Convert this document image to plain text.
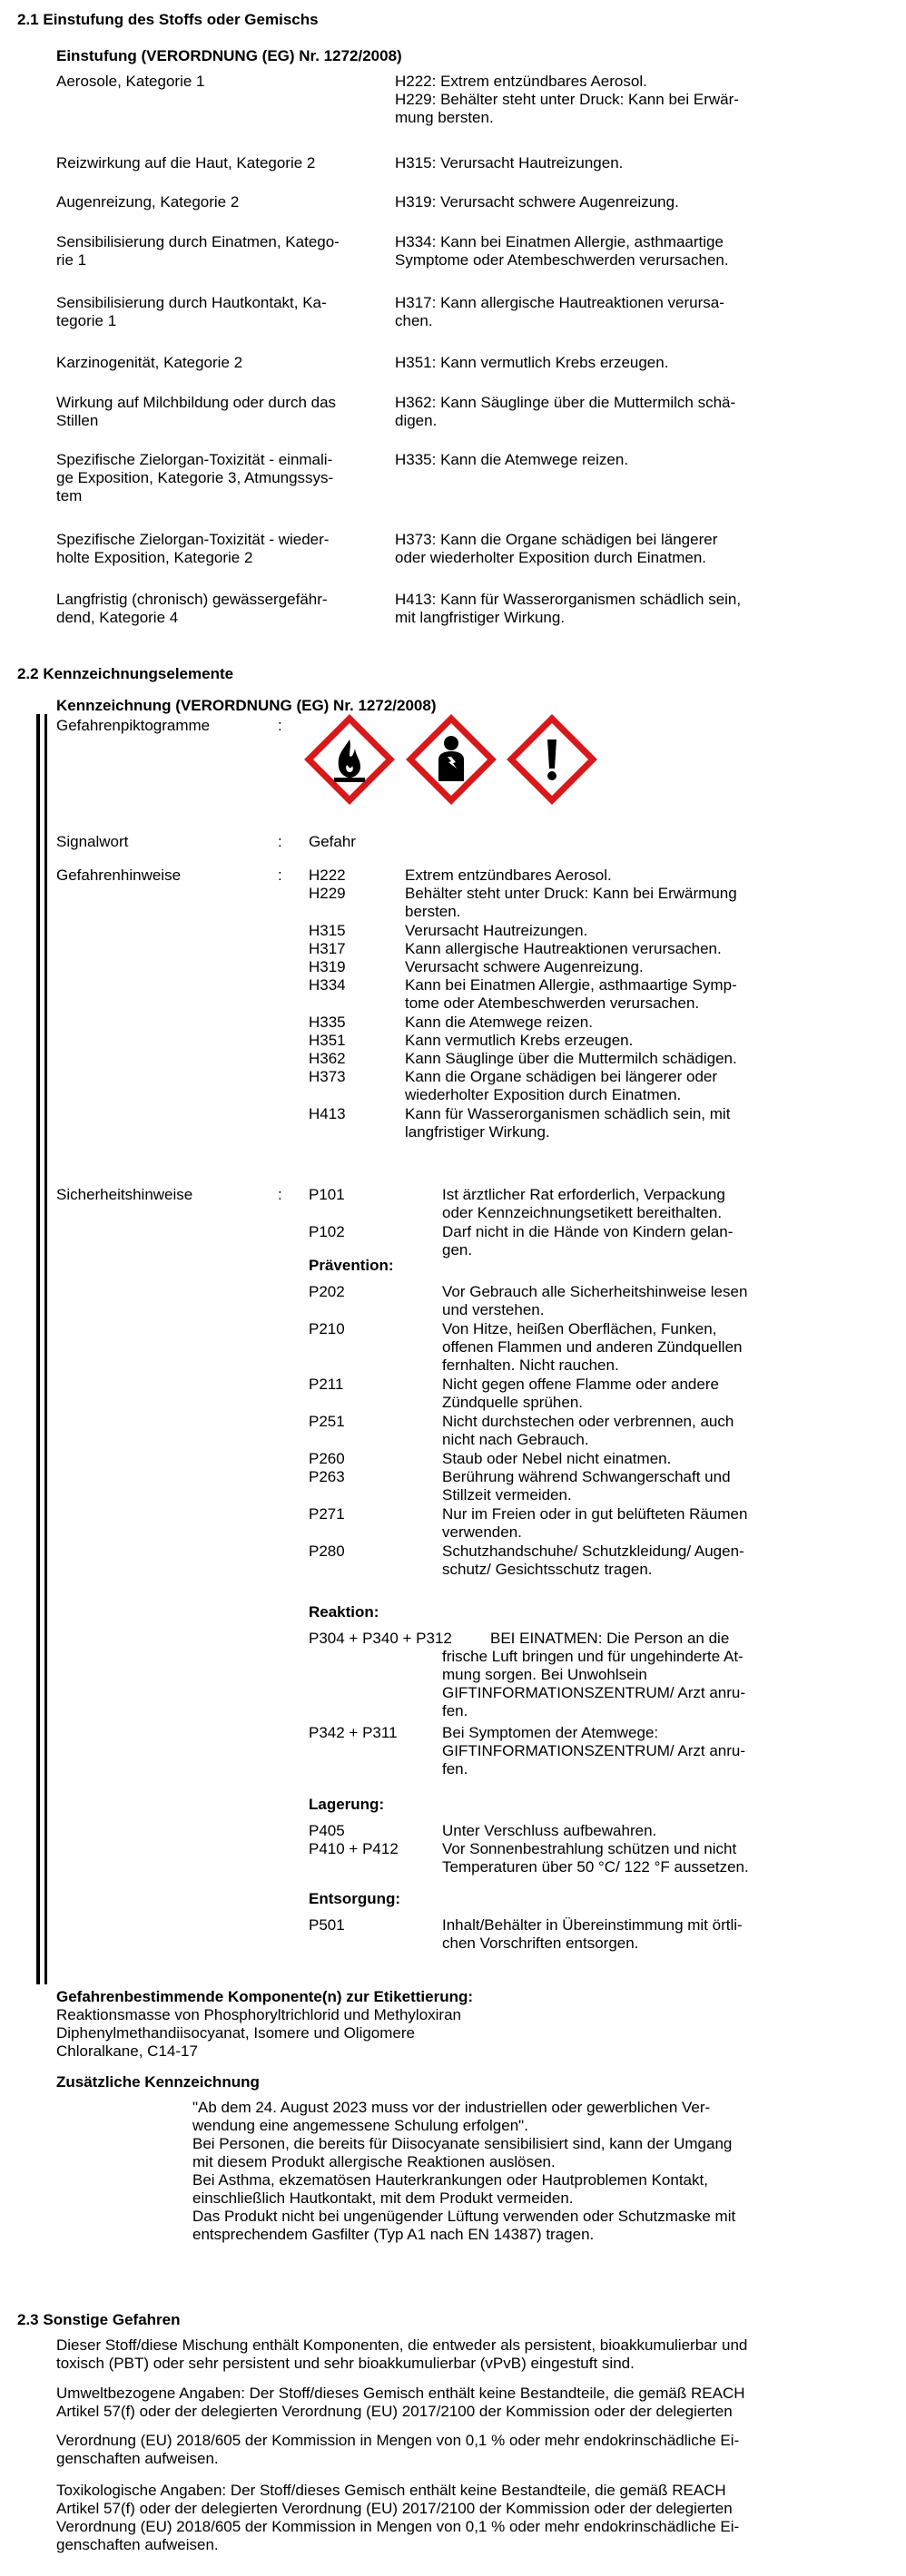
2.1 Einstufung des Stoffs oder Gemischs
Einstufung (VERORDNUNG (EG) Nr. 1272/2008)
Aerosole, Kategorie 1	H222: Extrem entzündbares Aerosol.
H229: Behälter steht unter Druck: Kann bei Erwär-
mung bersten.
Reizwirkung auf die Haut, Kategorie 2	H315: Verursacht Hautreizungen.
Augenreizung, Kategorie 2	H319: Verursacht schwere Augenreizung.
Sensibilisierung durch Einatmen, Katego-
rie 1
H334: Kann bei Einatmen Allergie, asthmaartige
Symptome oder Atembeschwerden verursachen.
Sensibilisierung durch Hautkontakt, Ka-
tegorie 1
H317: Kann allergische Hautreaktionen verursa-
chen.
Karzinogenität, Kategorie 2	H351: Kann vermutlich Krebs erzeugen.
Wirkung auf Milchbildung oder durch das
Stillen
H362: Kann Säuglinge über die Muttermilch schä-
digen.
Spezifische Zielorgan-Toxizität - einmali-
ge Exposition, Kategorie 3, Atmungssys-
tem
H335: Kann die Atemwege reizen.
Spezifische Zielorgan-Toxizität - wieder-
holte Exposition, Kategorie 2
H373: Kann die Organe schädigen bei längerer
oder wiederholter Exposition durch Einatmen.
Langfristig (chronisch) gewässergefähr-
dend, Kategorie 4
H413: Kann für Wasserorganismen schädlich sein,
mit langfristiger Wirkung.
2.2 Kennzeichnungselemente
Kennzeichnung (VERORDNUNG (EG) Nr. 1272/2008)
Gefahrenpiktogramme	:
Signalwort	: Gefahr
Gefahrenhinweise	: H222	Extrem entzündbares Aerosol.
H229	Behälter steht unter Druck: Kann bei Erwärmung
bersten.
H315	Verursacht Hautreizungen.
H317	Kann allergische Hautreaktionen verursachen.
H319	Verursacht schwere Augenreizung.
H334	Kann bei Einatmen Allergie, asthmaartige Symp-
tome oder Atembeschwerden verursachen.
H335	Kann die Atemwege reizen.
H351	Kann vermutlich Krebs erzeugen.
H362	Kann Säuglinge über die Muttermilch schädigen.
H373	Kann die Organe schädigen bei längerer oder
wiederholter Exposition durch Einatmen.
H413	Kann für Wasserorganismen schädlich sein, mit
langfristiger Wirkung.
Sicherheitshinweise	: P101	Ist ärztlicher Rat erforderlich, Verpackung
oder Kennzeichnungsetikett bereithalten.
P102	Darf nicht in die Hände von Kindern gelan-
gen.
Prävention:
P202	Vor Gebrauch alle Sicherheitshinweise lesen
und verstehen.
P210	Von Hitze, heißen Oberflächen, Funken,
offenen Flammen und anderen Zündquellen
fernhalten. Nicht rauchen.
P211	Nicht gegen offene Flamme oder andere
Zündquelle sprühen.
P251	Nicht durchstechen oder verbrennen, auch
nicht nach Gebrauch.
P260	Staub oder Nebel nicht einatmen.
P263	Berührung während Schwangerschaft und
Stillzeit vermeiden.
P271	Nur im Freien oder in gut belüfteten Räumen
verwenden.
P280	Schutzhandschuhe/ Schutzkleidung/ Augen-
schutz/ Gesichtsschutz tragen.
Reaktion:
P304 + P340 + P312 BEI EINATMEN: Die Person an die
frische Luft bringen und für ungehinderte At-
mung sorgen. Bei Unwohlsein
GIFTINFORMATIONSZENTRUM/ Arzt anru-
fen.
P342 + P311	Bei Symptomen der Atemwege:
GIFTINFORMATIONSZENTRUM/ Arzt anru-
fen.
Lagerung:
P405	Unter Verschluss aufbewahren.
P410 + P412	Vor Sonnenbestrahlung schützen und nicht
Temperaturen über 50 °C/ 122 °F aussetzen.
Entsorgung:
P501	Inhalt/Behälter in Übereinstimmung mit örtli-
chen Vorschriften entsorgen.
Gefahrenbestimmende Komponente(n) zur Etikettierung:
Reaktionsmasse von Phosphoryltrichlorid und Methyloxiran
Diphenylmethandiisocyanat, Isomere und Oligomere
Chloralkane, C14-17
Zusätzliche Kennzeichnung
"Ab dem 24. August 2023 muss vor der industriellen oder gewerblichen Ver-
wendung eine angemessene Schulung erfolgen".
Bei Personen, die bereits für Diisocyanate sensibilisiert sind, kann der Umgang
mit diesem Produkt allergische Reaktionen auslösen.
Bei Asthma, ekzematösen Hauterkrankungen oder Hautproblemen Kontakt,
einschließlich Hautkontakt, mit dem Produkt vermeiden.
Das Produkt nicht bei ungenügender Lüftung verwenden oder Schutzmaske mit
entsprechendem Gasfilter (Typ A1 nach EN 14387) tragen.
2.3 Sonstige Gefahren
Dieser Stoff/diese Mischung enthält Komponenten, die entweder als persistent, bioakkumulierbar und
toxisch (PBT) oder sehr persistent und sehr bioakkumulierbar (vPvB) eingestuft sind.
Umweltbezogene Angaben: Der Stoff/dieses Gemisch enthält keine Bestandteile, die gemäß REACH
Artikel 57(f) oder der delegierten Verordnung (EU) 2017/2100 der Kommission oder der delegierten
Verordnung (EU) 2018/605 der Kommission in Mengen von 0,1 % oder mehr endokrinschädliche Ei-
genschaften aufweisen.
Toxikologische Angaben: Der Stoff/dieses Gemisch enthält keine Bestandteile, die gemäß REACH
Artikel 57(f) oder der delegierten Verordnung (EU) 2017/2100 der Kommission oder der delegierten
Verordnung (EU) 2018/605 der Kommission in Mengen von 0,1 % oder mehr endokrinschädliche Ei-
genschaften aufweisen.
